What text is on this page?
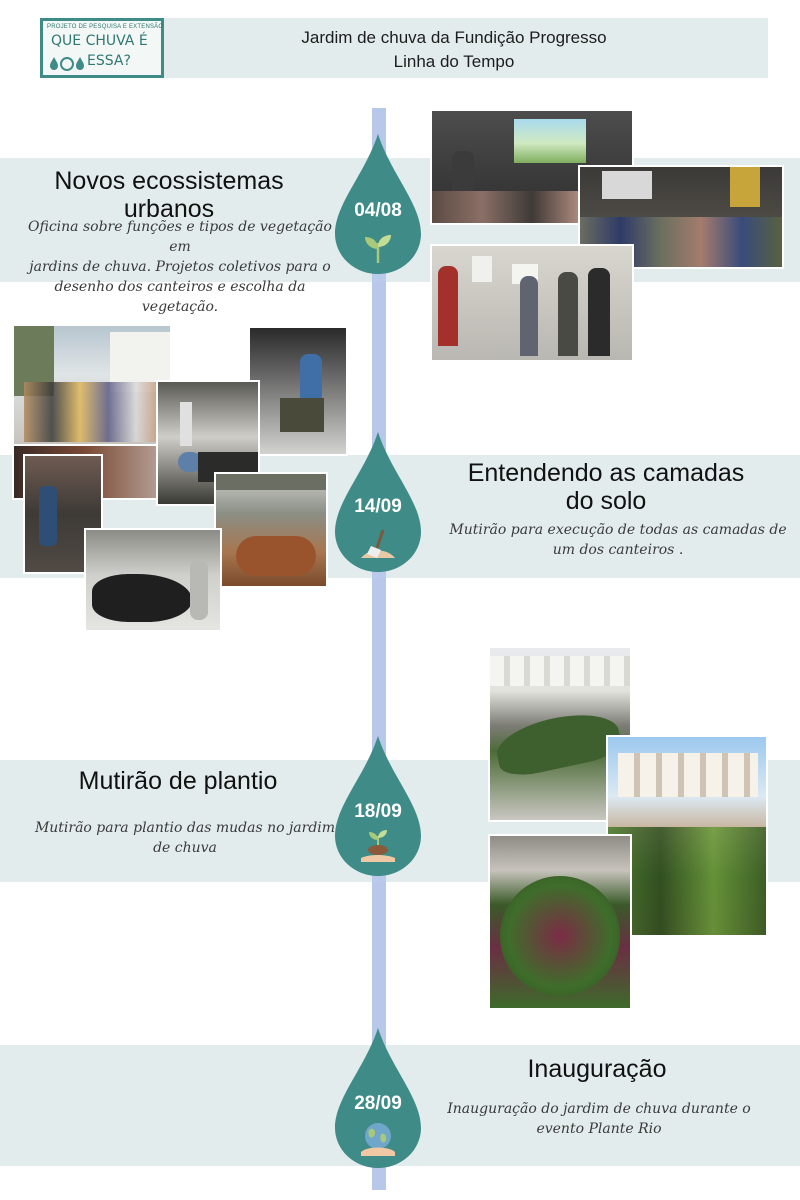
PROJETO DE PESQUISA E EXTENSÃO
QUE CHUVA É
ESSA?
Jardim de chuva da Fundição Progresso
Linha do Tempo
Novos ecossistemas
urbanos
Oficina sobre funções e tipos de vegetação em
jardins de chuva. Projetos coletivos para o
desenho dos canteiros e escolha da vegetação.
04/08
Entendendo as camadas
do solo
Mutirão para execução de todas as camadas de
um dos canteiros .
14/09
Mutirão de plantio
Mutirão para plantio das mudas no jardim
de chuva
18/09
Inauguração
Inauguração do jardim de chuva durante o
evento Plante Rio
28/09
